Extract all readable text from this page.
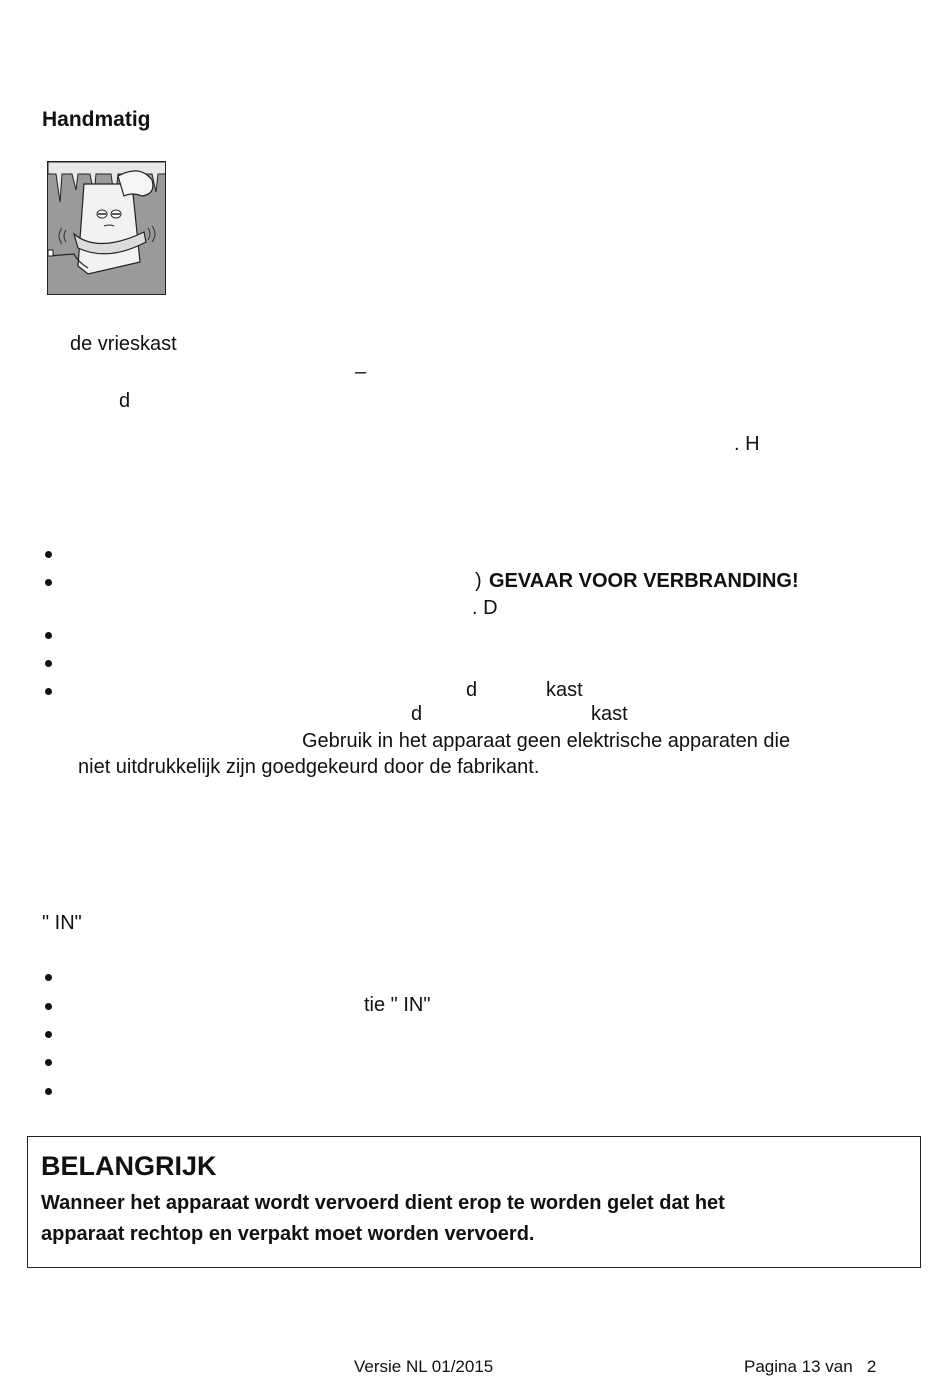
Handmatig
de vrieskast
–
d
. H
) GEVAAR VOOR VERBRANDING!
. D
d	kast
d	kast
Gebruik in het apparaat geen elektrische apparaten die
niet uitdrukkelijk zijn goedgekeurd door de fabrikant.
" IN"
tie " IN"
BELANGRIJK
Wanneer het apparaat wordt vervoerd dient erop te worden gelet dat het
apparaat rechtop en verpakt moet worden vervoerd.
Versie NL 01/2015	Pagina 13 van   2
